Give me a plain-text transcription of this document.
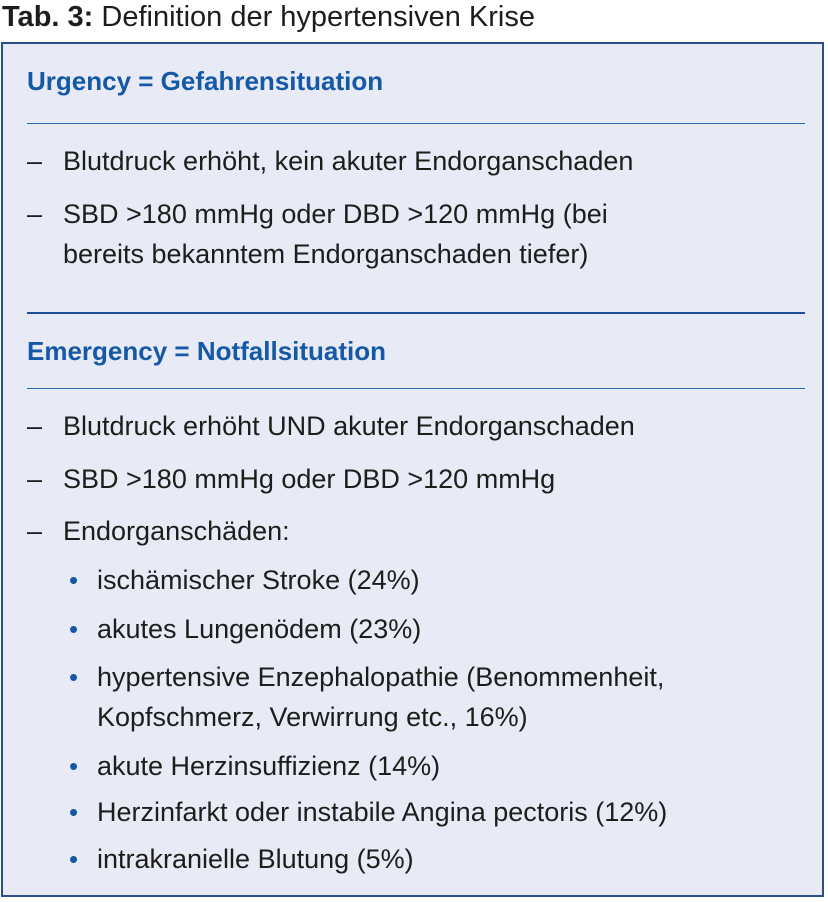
Tab. 3: Definition der hypertensiven Krise
Urgency = Gefahrensituation
– Blutdruck erhöht, kein akuter Endorganschaden
– SBD >180 mmHg oder DBD >120 mmHg (bei
bereits bekanntem Endorganschaden tiefer)
Emergency = Notfallsituation
– Blutdruck erhöht UND akuter Endorganschaden
– SBD >180 mmHg oder DBD >120 mmHg
– Endorganschäden:
• ischämischer Stroke (24%)
• akutes Lungenödem (23%)
• hypertensive Enzephalopathie (Benommenheit,
Kopfschmerz, Verwirrung etc., 16%)
• akute Herzinsuffizienz (14%)
• Herzinfarkt oder instabile Angina pectoris (12%)
• intrakranielle Blutung (5%)
